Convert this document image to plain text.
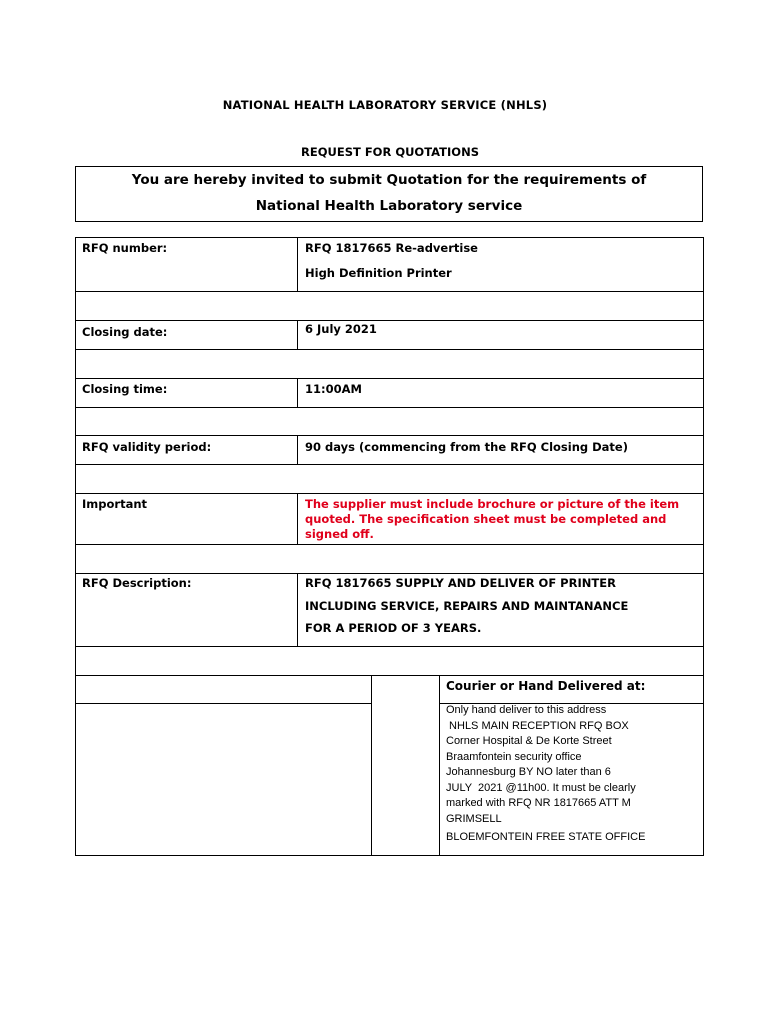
NATIONAL HEALTH LABORATORY SERVICE (NHLS)
REQUEST FOR QUOTATIONS
You are hereby invited to submit Quotation for the requirements of
National Health Laboratory service
RFQ number:	RFQ 1817665 Re-advertise
High Definition Printer
Closing date:	6 July 2021
Closing time:	11:00AM
RFQ validity period:	90 days (commencing from the RFQ Closing Date)
Important	The supplier must include brochure or picture of the item quoted. The specification sheet must be completed and signed off.
RFQ Description:	RFQ 1817665 SUPPLY AND DELIVER OF PRINTER
INCLUDING SERVICE, REPAIRS AND MAINTANANCE
FOR A PERIOD OF 3 YEARS.
Courier or Hand Delivered at:
Only hand deliver to this address
NHLS MAIN RECEPTION RFQ BOX
Corner Hospital & De Korte Street
Braamfontein security office
Johannesburg BY NO later than 6
JULY  2021 @11h00. It must be clearly
marked with RFQ NR 1817665 ATT M
GRIMSELL
BLOEMFONTEIN FREE STATE OFFICE
